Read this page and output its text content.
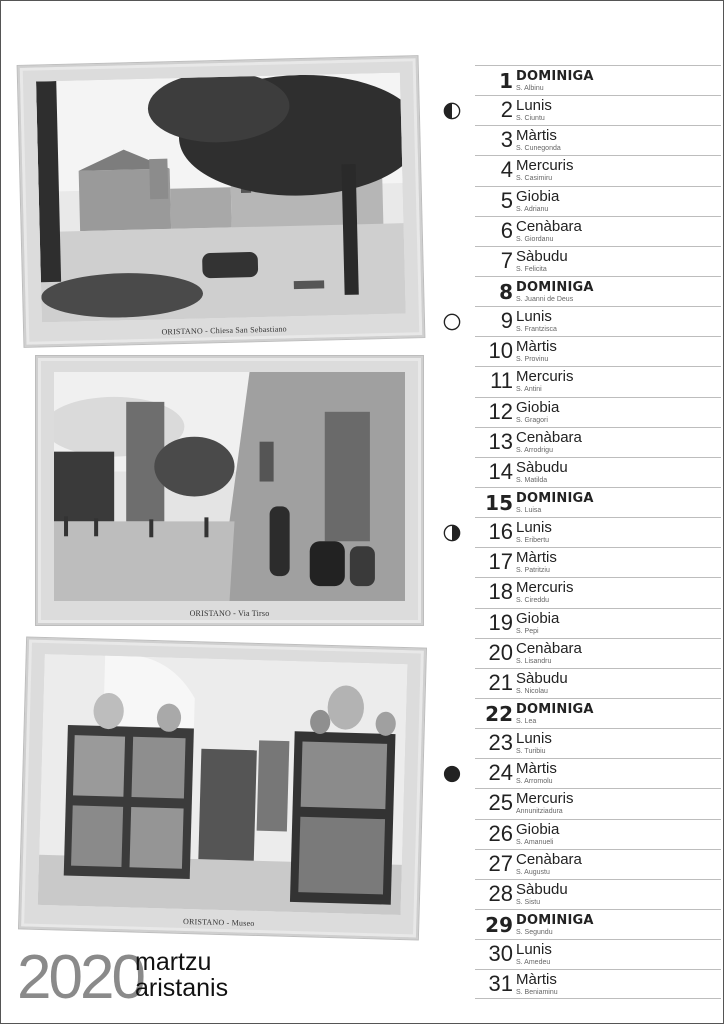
ORISTANO - Chiesa San Sebastiano
ORISTANO - Via Tirso
ORISTANO - Museo
2020
martzu
aristanis
1 DOMINIGA
S. Albinu
2 Lunis
S. Ciuntu
3 Màrtis
S. Cunegonda
4 Mercuris
S. Casimiru
5 Giobia
S. Adrianu
6 Cenàbara
S. Giordanu
7 Sàbudu
S. Felicita
8 DOMINIGA
S. Juanni de Deus
9 Lunis
S. Frantzisca
10 Màrtis
S. Provinu
11 Mercuris
S. Antini
12 Giobia
S. Gragori
13 Cenàbara
S. Arrodrigu
14 Sàbudu
S. Matilda
15 DOMINIGA
S. Luisa
16 Lunis
S. Eribertu
17 Màrtis
S. Patritziu
18 Mercuris
S. Cireddu
19 Giobia
S. Pepi
20 Cenàbara
S. Lisandru
21 Sàbudu
S. Nicolau
22 DOMINIGA
S. Lea
23 Lunis
S. Turibiu
24 Màrtis
S. Arromolu
25 Mercuris
Annunitziadura
26 Giobia
S. Amanueli
27 Cenàbara
S. Augustu
28 Sàbudu
S. Sistu
29 DOMINIGA
S. Segundu
30 Lunis
S. Amedeu
31 Màrtis
S. Beniaminu
